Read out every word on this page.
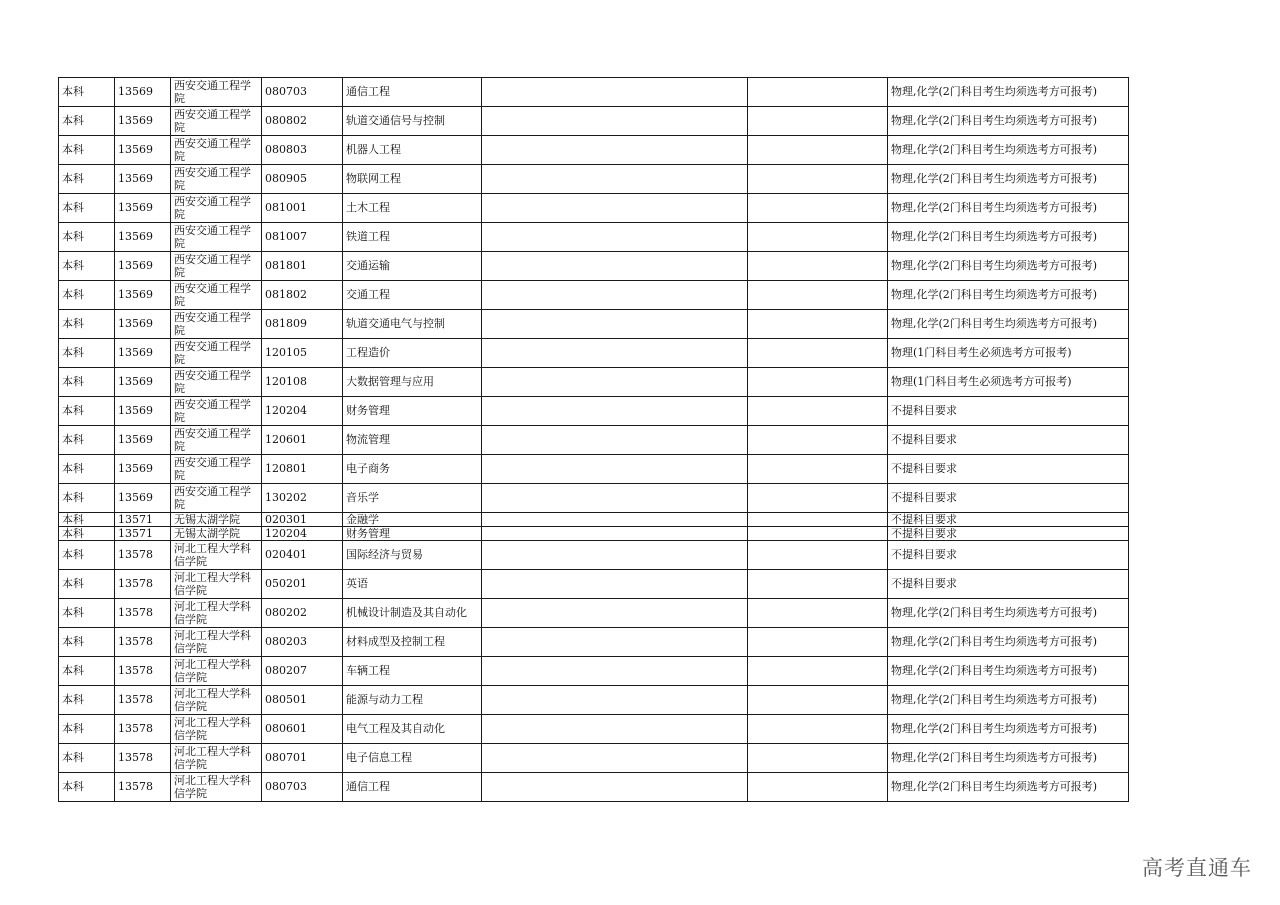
本科	13569	西安交通工程学院	080703	通信工程			物理,化学(2门科目考生均须选考方可报考)
本科	13569	西安交通工程学院	080802	轨道交通信号与控制			物理,化学(2门科目考生均须选考方可报考)
本科	13569	西安交通工程学院	080803	机器人工程			物理,化学(2门科目考生均须选考方可报考)
本科	13569	西安交通工程学院	080905	物联网工程			物理,化学(2门科目考生均须选考方可报考)
本科	13569	西安交通工程学院	081001	土木工程			物理,化学(2门科目考生均须选考方可报考)
本科	13569	西安交通工程学院	081007	铁道工程			物理,化学(2门科目考生均须选考方可报考)
本科	13569	西安交通工程学院	081801	交通运输			物理,化学(2门科目考生均须选考方可报考)
本科	13569	西安交通工程学院	081802	交通工程			物理,化学(2门科目考生均须选考方可报考)
本科	13569	西安交通工程学院	081809	轨道交通电气与控制			物理,化学(2门科目考生均须选考方可报考)
本科	13569	西安交通工程学院	120105	工程造价			物理(1门科目考生必须选考方可报考)
本科	13569	西安交通工程学院	120108	大数据管理与应用			物理(1门科目考生必须选考方可报考)
本科	13569	西安交通工程学院	120204	财务管理			不提科目要求
本科	13569	西安交通工程学院	120601	物流管理			不提科目要求
本科	13569	西安交通工程学院	120801	电子商务			不提科目要求
本科	13569	西安交通工程学院	130202	音乐学			不提科目要求
本科	13571	无锡太湖学院	020301	金融学			不提科目要求
本科	13571	无锡太湖学院	120204	财务管理			不提科目要求
本科	13578	河北工程大学科信学院	020401	国际经济与贸易			不提科目要求
本科	13578	河北工程大学科信学院	050201	英语			不提科目要求
本科	13578	河北工程大学科信学院	080202	机械设计制造及其自动化			物理,化学(2门科目考生均须选考方可报考)
本科	13578	河北工程大学科信学院	080203	材料成型及控制工程			物理,化学(2门科目考生均须选考方可报考)
本科	13578	河北工程大学科信学院	080207	车辆工程			物理,化学(2门科目考生均须选考方可报考)
本科	13578	河北工程大学科信学院	080501	能源与动力工程			物理,化学(2门科目考生均须选考方可报考)
本科	13578	河北工程大学科信学院	080601	电气工程及其自动化			物理,化学(2门科目考生均须选考方可报考)
本科	13578	河北工程大学科信学院	080701	电子信息工程			物理,化学(2门科目考生均须选考方可报考)
本科	13578	河北工程大学科信学院	080703	通信工程			物理,化学(2门科目考生均须选考方可报考)
高考直通车
